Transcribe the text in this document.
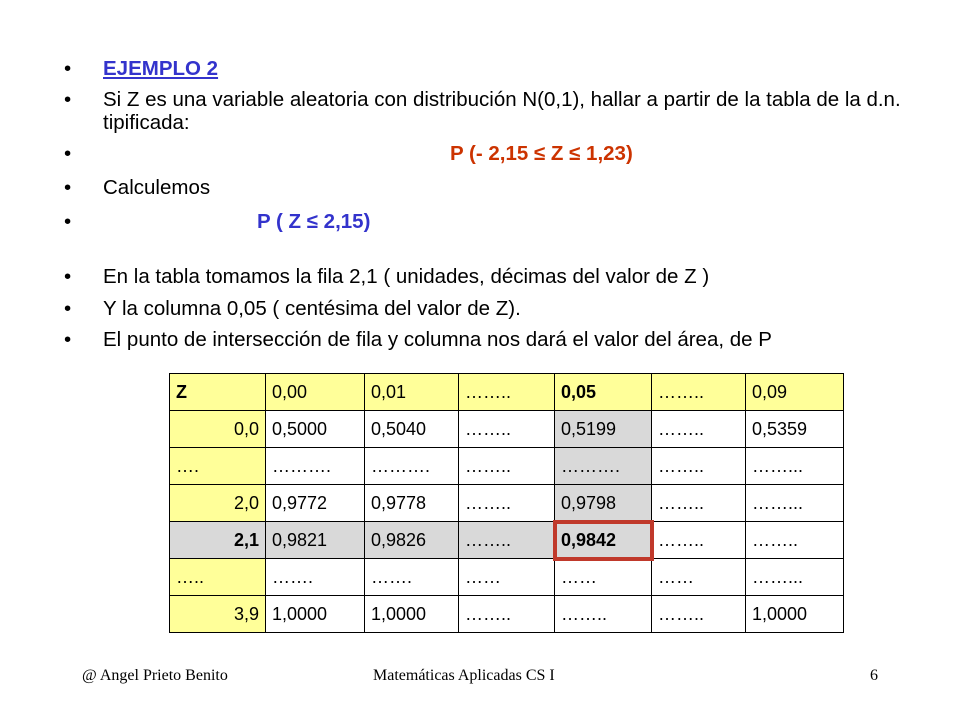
• EJEMPLO 2
• Si Z es una variable aleatoria con distribución N(0,1), hallar a partir de la tabla de la d.n. tipificada:
• P (- 2,15 ≤ Z ≤ 1,23)
• Calculemos
• P ( Z ≤ 2,15)
• En la tabla tomamos la fila 2,1 ( unidades, décimas del valor de Z )
• Y la columna 0,05 ( centésima del valor de Z).
• El punto de intersección de fila y columna nos dará el valor del área, de P
Z	0,00	0,01	……..	0,05	……..	0,09
0,0	0,5000	0,5040	……..	0,5199	……..	0,5359
….	……….	……….	……..	……….	……..	……...
2,0	0,9772	0,9778	……..	0,9798	……..	……...
2,1	0,9821	0,9826	……..	0,9842	……..	……..
…..	…….	…….	……	……	……	……...
3,9	1,0000	1,0000	……..	……..	……..	1,0000
@ Angel Prieto Benito	Matemáticas Aplicadas CS I	6
